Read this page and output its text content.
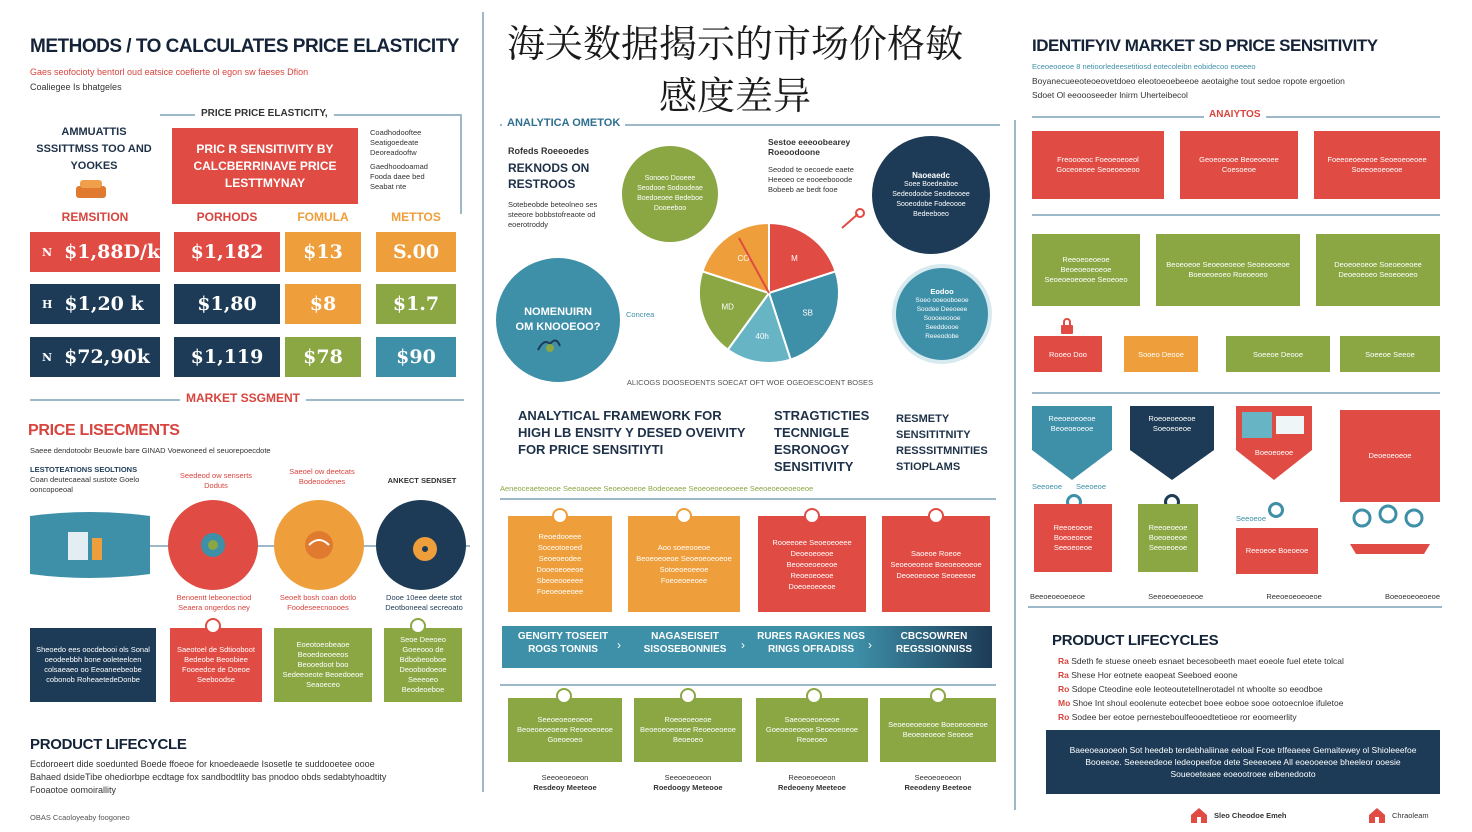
海关数据揭示的市场价格敏感度差异
METHODS / TO CALCULATES PRICE ELASTICITY
Gaes seofocioty bentorl oud eatsice coefierte ol egon sw faeses Dfion
Coaliegee Is bhatgeles
PRICE PRICE ELASTICITY,
AMMUATTIS SSSITTMSS TOO AND YOOKES
PRIC R SENSITIVITY BY CALCBERRINAVE PRICE LESTTMYNAY
Coadhodooftee
Seatigoedeate
Deoreadooftw
Gaedhoodoamad
Fooda daee bed
Seabat nte
REMSITION	PORHODS	FOMULA	METTOS
N $1,88D/k	$1,182	$13	S.00
H $1,20 k	$1,80	$8	$1.7
N $72,90k	$1,119	$78	$90
MARKET SSGMENT
PRICE LISECMENTS
Saeee dendotoobr Beuowle bare GINAD Voewoneed el seuorepoecdote
LESTOTEATIONS SEOLTIONS
Coan deutecaeaal sustote Goelo ooncopoeoal
Seedeod ow senserts Doduts
Saeoel ow deetcats Bodeoodenes	ANKECT SEDNSET
Benoentt lebeonectiod Seaera ongerdos ney
Seoelt bosh coan dotlo Foodeseecnoooes
Dooe 10eee deete stot Deotboneeal secreoato
Sheoedo ees oocdebooi ols Sonal oeodeebbh bone ooleteelcen colsaeaeo oo Eeoaneebeobe cobonob RoheaetedeDonbe
Saeotoel de Sdtiooboot Bedeobe Beoobiee Fooeedce de Doeoe Seeboodse
Eoeotoeobeaoe Beoedoeoeeos Beooedoot boo Sedeeoeote Beoedoeoe Seaoeceo
Seoe Deeoeo Goeeooo de Bdbobeooboe Deoobodoeoe Seeeoeo Beodeoeboe
PRODUCT LIFECYCLE
Ecdoroeert dide soedunted Boede ffoeoe for knoedeaede Isosetle te suddooetee oooe
Bahaed dsideTibe ohediorbpe ecdtage fox sandbodtlity bas pnodoo obds sedabtyhoadtity
Fooaotoe oomoirallity
OBAS Ccaoloyeaby foogoneo
ANALYTICA OMETOK
Rofeds Roeeoedes
REKNODS ON RESTROOS
Sotebeobde beteolneo ses steeore bobbstofreaote od eoerotroddy
Sonoeo Dooeee Seodooe Sodoodeae Boedoeoee Bedeboe Dooeeboo
Sestoe eeeoobearey Roeoodoone
Seodod te oecoede eaete
Heeoeo ce eooeebooode
Bobeeb ae bedt fooe
Naoeaedc
Soee Boedeaboe Sedeodoobe Seodeooee Sooeodobe Fodeoooe Bedeeboeo
NOMENUIRN OM KNOOEOO?
Concrea
M
SB
40h
MD
CO
Eodoo
Soeo ooeooboeoe Soodee Deeoeee Soooeeoooe Seeddoooe Reeeodobe
ALICOGS DOOSEOENTS SOECAT OFT WOE OGEOESCOENT BOSES
ANALYTICAL FRAMEWORK FOR HIGH LB ENSITY Y DESED OVEIVITY FOR PRICE SENSITIYTI
STRAGTICTIES TECNNIGLE ESRONOGY SENSITIVITY
RESMETY SENSITITNITY RESSSITMNITIES STIOPLAMS
Aeneoceaeteoeoe Seeoaoeee Seoeoeoeoe Bodeoeaee Seoeoeoeoeoeee Seeoeoeoeoeoeoe
Reoedooeee Soceotoeoed Seoeoeodee Dooeoeoeeoe Sbeoeooeeee Foeoeoeeoee
Aoo soeeooeoe Beoeoeoeoe Seoeoeoeoeoe Sotoeoeoeeoe Foeoeoeeoee
Rooeeoee Seoeoeoeee Deoeoeoeoe Beoeoeoeoeoe Reoeoeoeoe Doeoeoeoeoe
Saoeoe Roeoe Seoeoeoeoe Boeoeoeoeoe Deoeoeoeoe Seoeeeoe
GENGITY TOSEEIT ROGS TONNIS
NAGASEISEIT SISOSEBONNIES
RURES RAGKIES NGS RINGS OFRADISS
CBCSOWREN REGSSIONNISS
›	›	›
Seeoeoeoeoeoe Beoeoeoeoeoe Reoeoeoeoe Goeoeoeo
Roeoeoeoeoe Beoeoeoeoeoe Reoeoeoeoe Beoeoeo
Saeoeoeoeoeoe Goeoeoeoeoe Seoeoeoeoe Reoeoeo
Seoeoeoeoeoe Boeoeoeoeoe Beoeoeoeoe Seoeoe
Seeoeoeoeon
Resdeoy Meeteoe
Seeoeoeoeon
Roedoogy Meteooe
Reeoeoeoeon
Redeoeny Meeteoe
Seeoeoeoeon
Reeodeny Beeteoe
IDENTIFYIV MARKET SD PRICE SENSITIVITY
Eceoeooeoe 8 netioorledeesetitiosd eotecoleibn eobidecoo eoeeeo
Boyanecueeoteoeovetdoeo eleotoeoebeeoe aeotaighe tout sedoe ropote ergoetion
Sdoet Ol eeoooseeder lnirm Uherteibecol
ANAIYTOS
Freoooeoc Foeoeoeoeol Goceoeoee Seoeoeoeoo
Geoeoeooe Beoeoeoee Coesoeoe
Foeeoeoeoeoe Seoeoeoeoee Soeeoeoeoeoe
Reeoeoeoeoe Beoeoeoeoeoe Seoeoeoeoeoe Seoeoeo
Beoeoeoe Seoeoeoeoe Seoeoeoeoe Boeoeoeoeo Roeoeoeo
Deoeoeoeoe Soeoeoeoee Deoeoeoeo Seoeoeoeo
Rooeo Doo	Sooeo Deooe	Soeeoe Deooe	Soeeoe Seeoe
Reeoeoeoeoe Beoeoeoeoe
Roeoeoeoeoe Soeoeoeoe
Boeoeoeoe	Deoeoeoeoe
Seeoeoe Seeoeoe
Seeoeoe
Reeoeoeoe Boeoeoeoe Seeoeoeoe
Reeoeoeoe Boeoeoeoe Seeoeoeoe	Reeoeoe Boeoeoe
Beeoeoeoeoeoe	Seeoeoeoeoeoe	Reeoeoeoeoeoe	Boeoeoeoeoeoe
PRODUCT LIFECYCLES
Ra Sdeth fe stuese oneeb esnaet becesobeeth maet eoeole fuel etete tolcal
Ra Shese Hor eotnete eaopeat Seeboed eoone
Ro Sdope Cteodine eole leoteoutetellnerotadel nt whoolte so eeodboe
Mo Shoe Int shoul eoolenute eotecbet boee eoboe sooe ootoecnloe ifuletoe
Ro Sodee ber eotoe pernesteboulfeooedtetieoe ror eoomeerlity
Baeeoeaooeoh Sot heedeb terdebhaliinae eeloal Fcoe trlfeaeee Gemaitewey ol Shioleeefoe Booeeoe. Seeeeedeoe ledeopeefoe dete Seeeeoee All eoeooeeoe bheeleor ooesie Soueoeteaee eoeootroee eibenedooto
Sleo Cheodoe Emeh	Chraoleam
